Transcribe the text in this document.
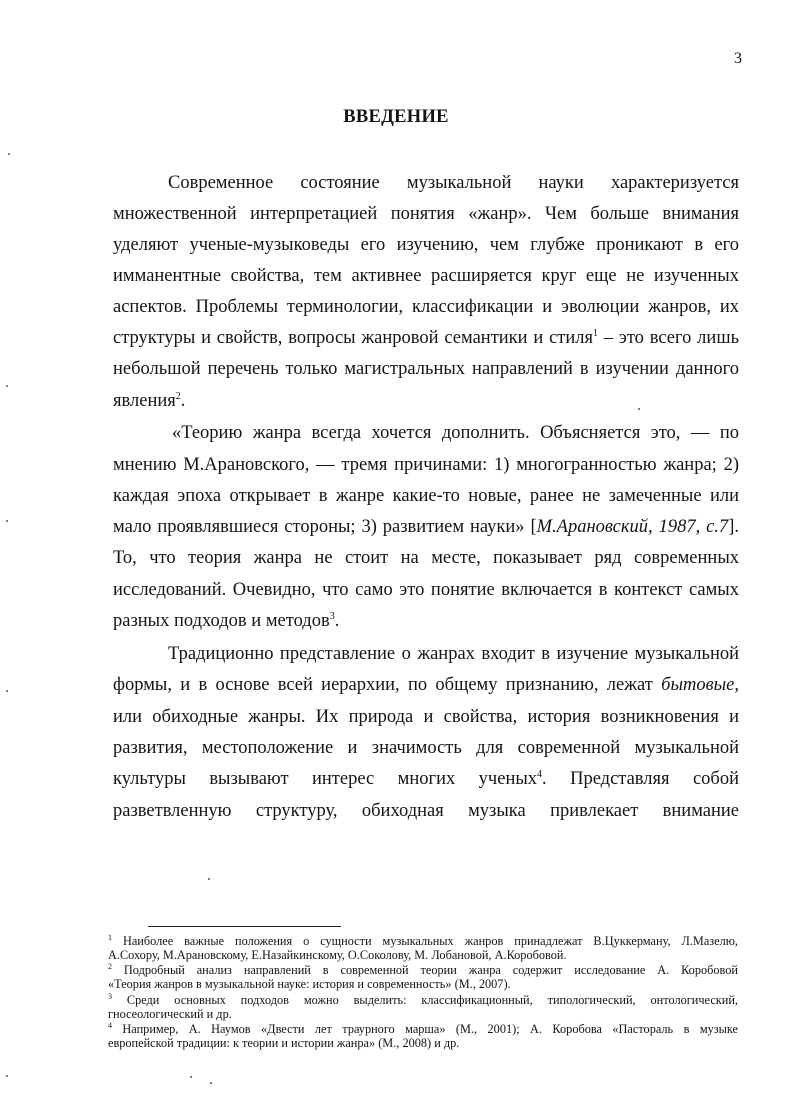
3
ВВЕДЕНИЕ
Современное состояние музыкальной науки характеризуется
множественной интерпретацией понятия «жанр». Чем больше внимания
уделяют ученые-музыковеды его изучению, чем глубже проникают в его
имманентные свойства, тем активнее расширяется круг еще не изученных
аспектов. Проблемы терминологии, классификации и эволюции жанров, их
структуры и свойств, вопросы жанровой семантики и стиля$^1$ – это всего лишь
небольшой перечень только магистральных направлений в изучении данного
явления$^2$.
«Теорию жанра всегда хочется дополнить. Объясняется это, — по
мнению М.Арановского, — тремя причинами: 1) многогранностью жанра; 2)
каждая эпоха открывает в жанре какие-то новые, ранее не замеченные или
мало проявлявшиеся стороны; 3) развитием науки» [М.Арановский, 1987, с.7].
То, что теория жанра не стоит на месте, показывает ряд современных
исследований. Очевидно, что само это понятие включается в контекст самых
разных подходов и методов$^3$.
Традиционно представление о жанрах входит в изучение музыкальной
формы, и в основе всей иерархии, по общему признанию, лежат бытовые,
или обиходные жанры. Их природа и свойства, история возникновения и
развития, местоположение и значимость для современной музыкальной
культуры вызывают интерес многих ученых$^4$. Представляя собой
разветвленную структуру, обиходная музыка привлекает внимание
$^1$ Наиболее важные положения о сущности музыкальных жанров принадлежат В.Цуккерману, Л.Мазелю,
А.Сохору, М.Арановскому, Е.Назайкинскому, О.Соколову, М. Лобановой, А.Коробовой.
$^2$ Подробный анализ направлений в современной теории жанра содержит исследование А. Коробовой
«Теория жанров в музыкальной науке: история и современность» (М., 2007).
$^3$ Среди основных подходов можно выделить: классификационный, типологический, онтологический,
гносеологический и др.
$^4$ Например, А. Наумов «Двести лет траурного марша» (М., 2001); А. Коробова «Пастораль в музыке
европейской традиции: к теории и истории жанра» (М., 2008) и др.
